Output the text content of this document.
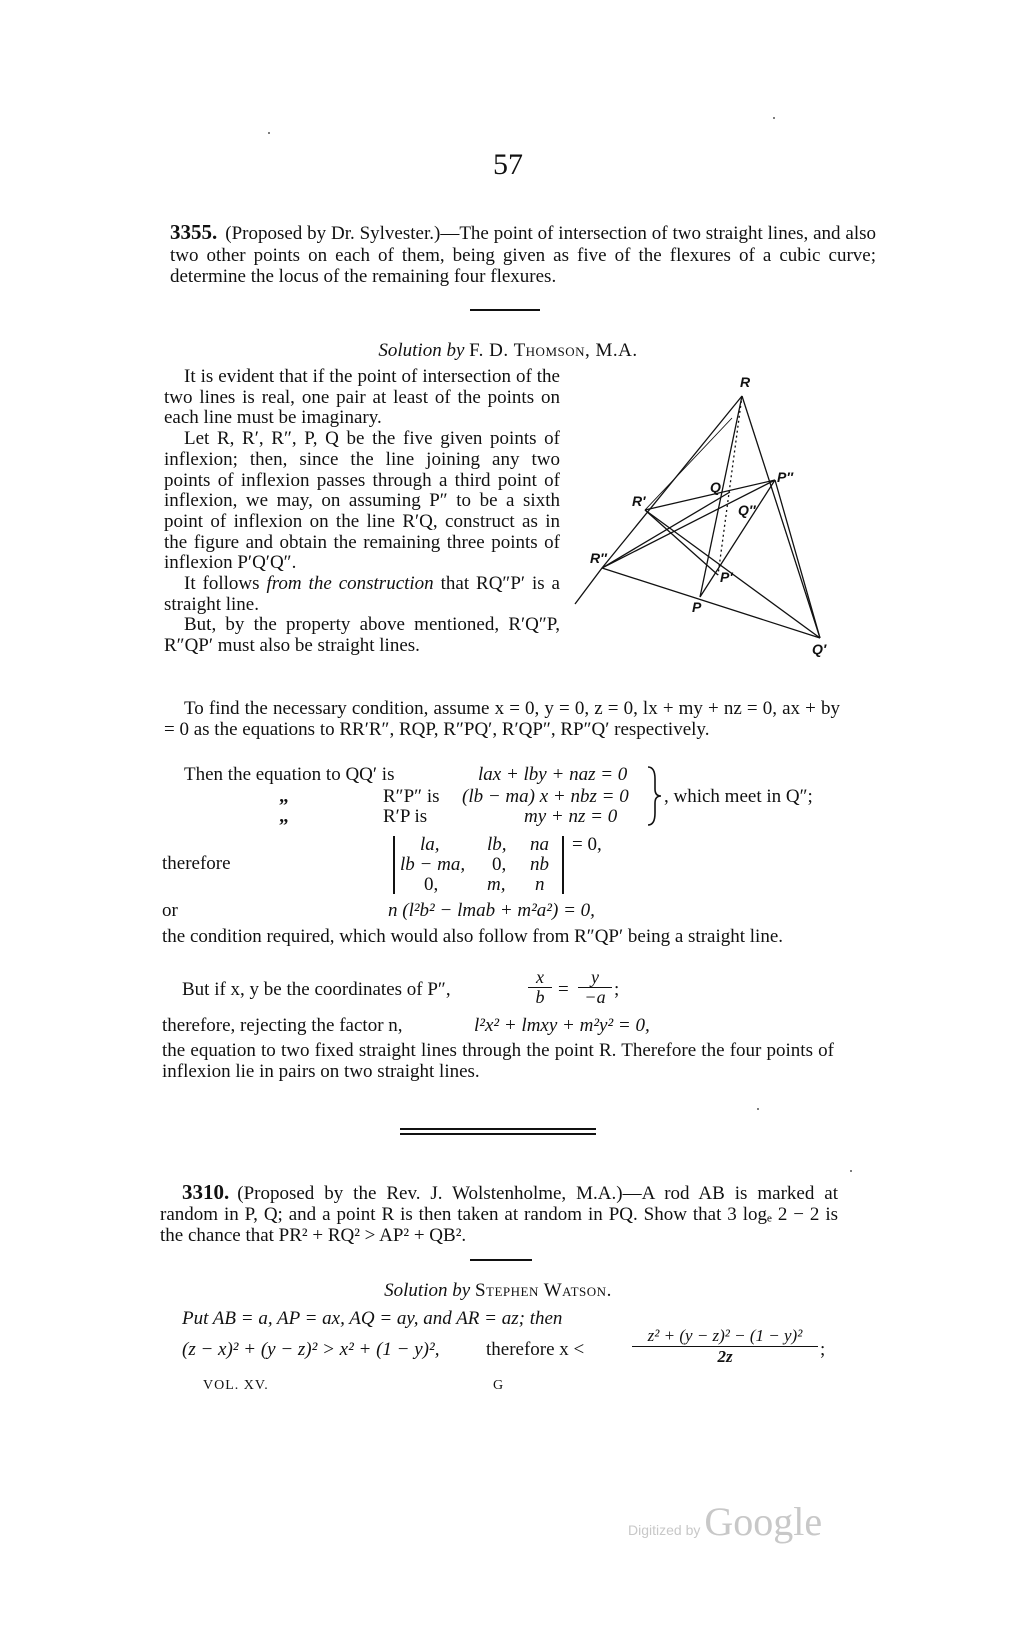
57
3355. (Proposed by Dr. Sylvester.)—The point of intersection of two straight lines, and also two other points on each of them, being given as five of the flexures of a cubic curve; determine the locus of the remaining four flexures.
Solution by F. D. Thomson, M.A.
It is evident that if the point of intersection of the two lines is real, one pair at least of the points on each line must be imaginary.
Let R, R′, R″, P, Q be the five given points of inflexion; then, since the line joining any two points of inflexion passes through a third point of inflexion, we may, on assuming P″ to be a sixth point of inflexion on the line R′Q, construct as in the figure and obtain the remaining three points of inflexion P′Q′Q″.
It follows from the construction that RQ″P′ is a straight line.
But, by the property above mentioned, R′Q″P, R″QP′ must also be straight lines.
R
R′
R″
Q
Q″
P″
P′
P
Q′
To find the necessary condition, assume x = 0, y = 0, z = 0, lx + my + nz = 0, ax + by = 0 as the equations to RR′R″, RQP, R″PQ′, R′QP″, RP″Q′ respectively.
Then the equation to QQ′ is	lax + lby + naz = 0
„	R″P″ is (lb − ma) x + nbz = 0
„	R′P is	my + nz = 0
, which meet in Q″;
therefore
la, lb, na
lb − ma, 0, nb
0,	m, n
= 0,
or	n (l²b² − lmab + m²a²) = 0,
the condition required, which would also follow from R″QP′ being a straight line.
But if x, y be the coordinates of P″,	$\frac{x}{b} = \frac{y}{-a}$ ;
therefore, rejecting the factor n,	l²x² + lmxy + m²y² = 0,
the equation to two fixed straight lines through the point R. Therefore the four points of inflexion lie in pairs on two straight lines.
3310. (Proposed by the Rev. J. Wolstenholme, M.A.)—A rod AB is marked at random in P, Q; and a point R is then taken at random in PQ. Show that 3 logₑ 2 − 2 is the chance that PR² + RQ² > AP² + QB².
Solution by Stephen Watson.
Put AB = a, AP = ax, AQ = ay, and AR = az; then
(z − x)² + (y − z)² > x² + (1 − y)², therefore x <	$\frac{\text{z² + (y − z)² − (1 − y)²}}{2z}$ ;
VOL. XV.	G
Digitized by Google
